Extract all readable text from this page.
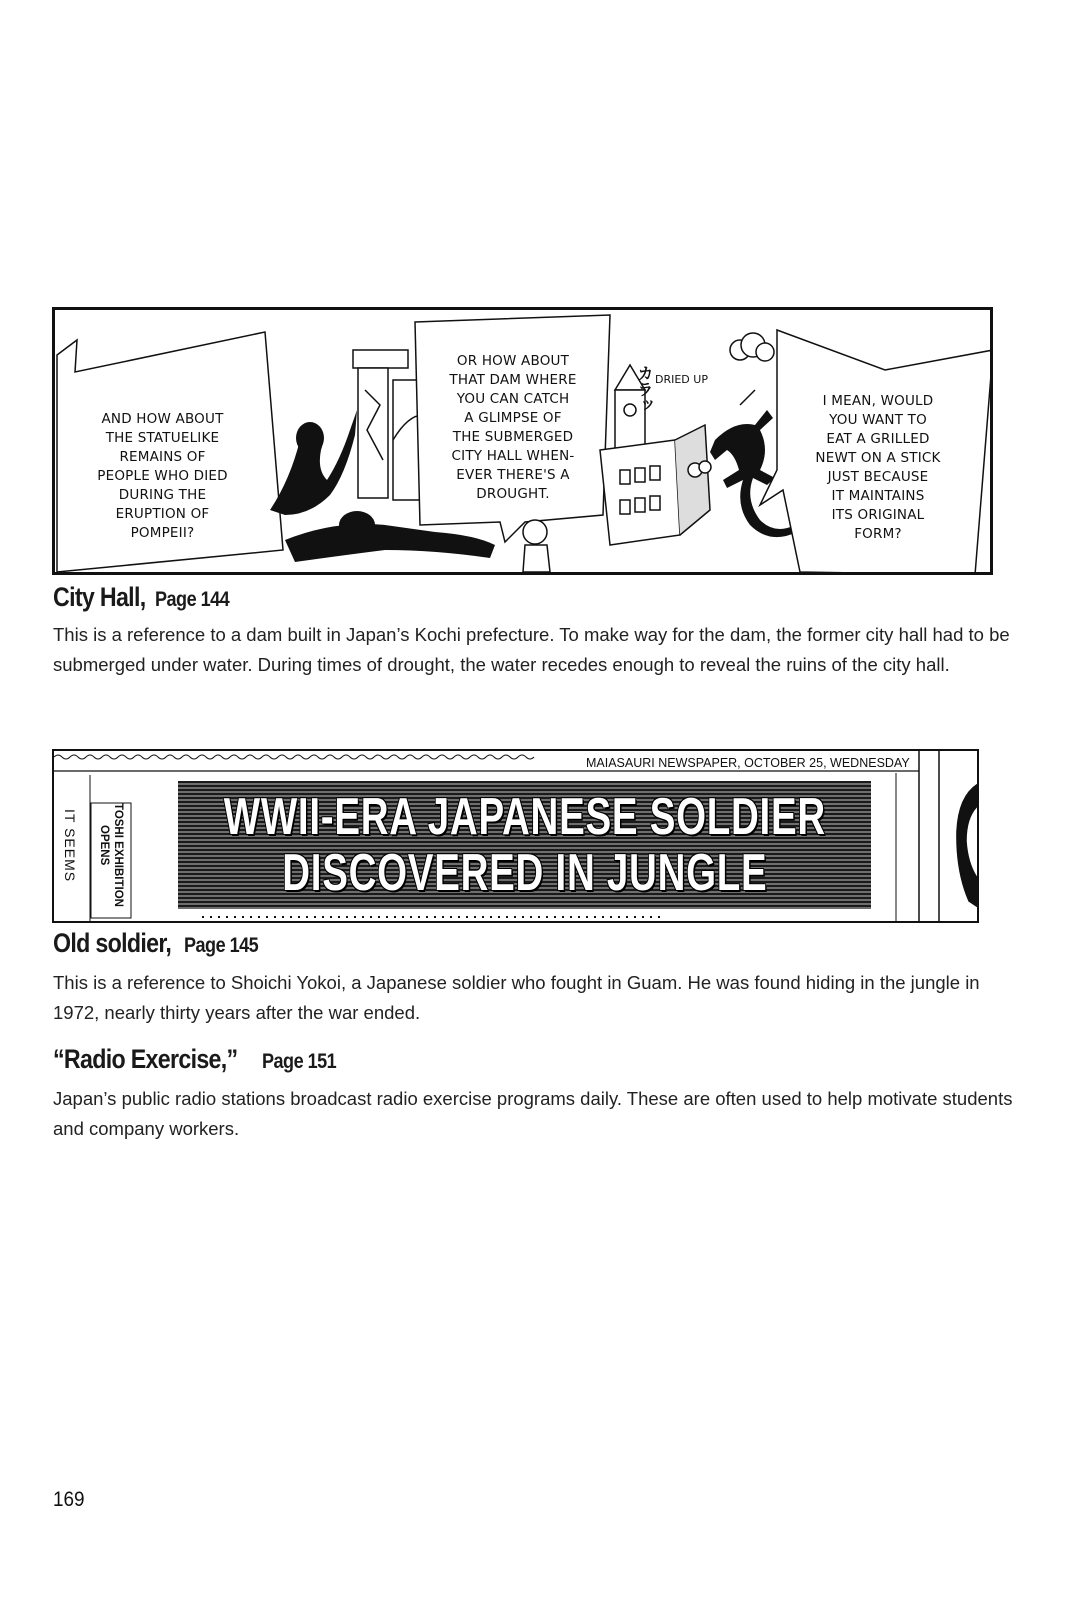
AND HOW ABOUT
THE STATUELIKE
REMAINS OF
PEOPLE WHO DIED
DURING THE
ERUPTION OF
POMPEII?
OR HOW ABOUT
THAT DAM WHERE
YOU CAN CATCH
A GLIMPSE OF
THE SUBMERGED
CITY HALL WHEN-
EVER THERE'S A
DROUGHT.
I MEAN, WOULD
YOU WANT TO
EAT A GRILLED
NEWT ON A STICK
JUST BECAUSE
IT MAINTAINS
ITS ORIGINAL
FORM?
カラッ DRIED UP
City Hall, Page 144

This is a reference to a dam built in Japan’s Kochi prefecture. To make way for the dam, the former city hall had to be submerged under water. During times of drought, the water recedes enough to reveal the ruins of the city hall.

MAIASAURI NEWSPAPER, OCTOBER 25, WEDNESDAY
IT SEEMS	TOSHI EXHIBITION
OPENS WWII-ERA JAPANESE SOLDIER
DISCOVERED IN JUNGLE
Old soldier, Page 145

This is a reference to Shoichi Yokoi, a Japanese soldier who fought in Guam. He was found hiding in the jungle in 1972, nearly thirty years after the war ended.

“Radio Exercise,” Page 151

Japan’s public radio stations broadcast radio exercise programs daily. These are often used to help motivate students and company workers.

169
